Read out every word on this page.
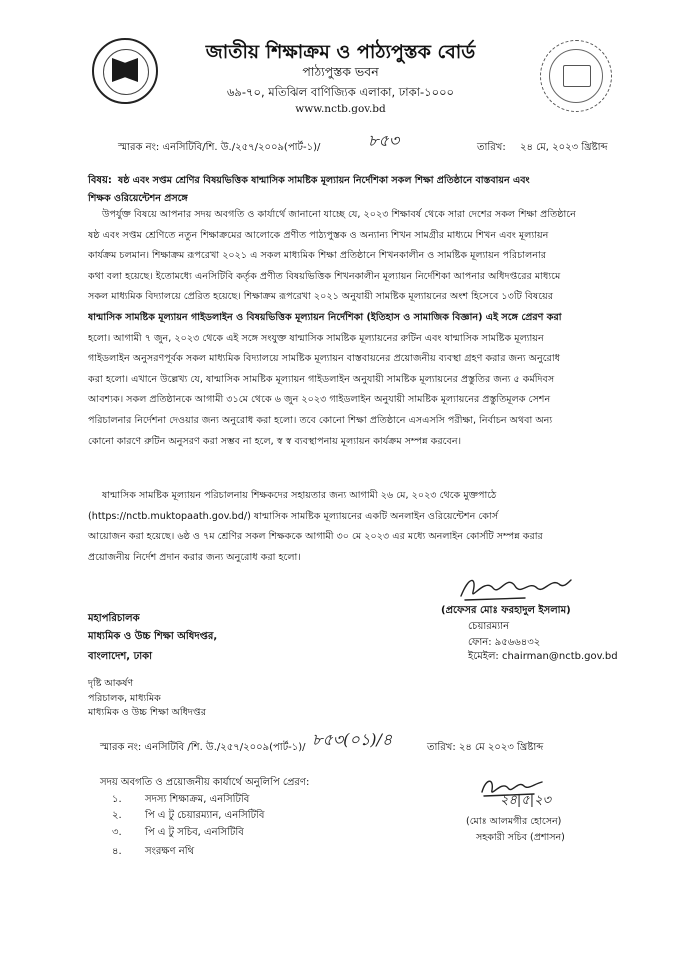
জাতীয় শিক্ষাক্রম ও পাঠ্যপুস্তক বোর্ড
পাঠ্যপুস্তক ভবন
৬৯-৭০, মতিঝিল বাণিজ্যিক এলাকা, ঢাকা-১০০০
www.nctb.gov.bd
স্মারক নং: এনসিটিবি/শি. উ./২৫৭/২০০৯(পার্ট-১)/	৮৫৩	তারিখ: ২৪ মে, ২০২৩ খ্রিষ্টাব্দ
বিষয়: ষষ্ঠ এবং সপ্তম শ্রেণির বিষয়ভিত্তিক ষান্মাসিক সামষ্টিক মূল্যায়ন নির্দেশিকা সকল শিক্ষা প্রতিষ্ঠানে বাস্তবায়ন এবং
শিক্ষক ওরিয়েন্টেশন প্রসঙ্গে
উপর্যুক্ত বিষয়ে আপনার সদয় অবগতি ও কার্যার্থে জানানো যাচ্ছে যে, ২০২৩ শিক্ষাবর্ষ থেকে সারা দেশের সকল শিক্ষা প্রতিষ্ঠানে
ষষ্ঠ এবং সপ্তম শ্রেণিতে নতুন শিক্ষাক্রমের আলোকে প্রণীত পাঠ্যপুস্তক ও অন্যান্য শিখন সামগ্রীর মাধ্যমে শিখন এবং মূল্যায়ন
কার্যক্রম চলমান। শিক্ষাক্রম রূপরেখা ২০২১ এ সকল মাধ্যমিক শিক্ষা প্রতিষ্ঠানে শিখনকালীন ও সামষ্টিক মূল্যায়ন পরিচালনার
কথা বলা হয়েছে। ইতোমধ্যে এনসিটিবি কর্তৃক প্রণীত বিষয়ভিত্তিক শিখনকালীন মূল্যায়ন নির্দেশিকা আপনার অধিদপ্তরের মাধ্যমে
সকল মাধ্যমিক বিদ্যালয়ে প্রেরিত হয়েছে। শিক্ষাক্রম রূপরেখা ২০২১ অনুযায়ী সামষ্টিক মূল্যায়নের অংশ হিসেবে ১৩টি বিষয়ের
ষান্মাসিক সামষ্টিক মূল্যায়ন গাইডলাইন ও বিষয়ভিত্তিক মূল্যায়ন নির্দেশিকা (ইতিহাস ও সামাজিক বিজ্ঞান) এই সঙ্গে প্রেরণ করা
হলো। আগামী ৭ জুন, ২০২৩ থেকে এই সঙ্গে সংযুক্ত ষান্মাসিক সামষ্টিক মূল্যায়নের রুটিন এবং ষান্মাসিক সামষ্টিক মূল্যায়ন
গাইডলাইন অনুসরণপূর্বক সকল মাধ্যমিক বিদ্যালয়ে সামষ্টিক মূল্যায়ন বাস্তবায়নের প্রয়োজনীয় ব্যবস্থা গ্রহণ করার জন্য অনুরোধ
করা হলো। এখানে উল্লেখ্য যে, ষান্মাসিক সামষ্টিক মূল্যায়ন গাইডলাইন অনুযায়ী সামষ্টিক মূল্যায়নের প্রস্তুতির জন্য ৫ কর্মদিবস
আবশ্যক। সকল প্রতিষ্ঠানকে আগামী ৩১মে থেকে ৬ জুন ২০২৩ গাইডলাইন অনুযায়ী সামষ্টিক মূল্যায়নের প্রস্তুতিমূলক সেশন
পরিচালনার নির্দেশনা দেওয়ার জন্য অনুরোধ করা হলো। তবে কোনো শিক্ষা প্রতিষ্ঠানে এসএসসি পরীক্ষা, নির্বাচন অথবা অন্য
কোনো কারণে রুটিন অনুসরণ করা সম্ভব না হলে, স্ব স্ব ব্যবস্থাপনায় মূল্যায়ন কার্যক্রম সম্পন্ন করবেন।
ষান্মাসিক সামষ্টিক মূল্যায়ন পরিচালনায় শিক্ষকদের সহায়তার জন্য আগামী ২৬ মে, ২০২৩ থেকে মুক্তপাঠে
(https://nctb.muktopaath.gov.bd/) ষান্মাসিক সামষ্টিক মূল্যায়নের একটি অনলাইন ওরিয়েন্টেশন কোর্স
আয়োজন করা হয়েছে। ৬ষ্ঠ ও ৭ম শ্রেণির সকল শিক্ষককে আগামী ৩০ মে ২০২৩ এর মধ্যে অনলাইন কোর্সটি সম্পন্ন করার
প্রয়োজনীয় নির্দেশ প্রদান করার জন্য অনুরোধ করা হলো।
(প্রফেসর মোঃ ফরহাদুল ইসলাম)
চেয়ারম্যান
ফোন: ৯৫৬৬৪৩২
ইমেইল: chairman@nctb.gov.bd
মহাপরিচালক
মাধ্যমিক ও উচ্চ শিক্ষা অধিদপ্তর,
বাংলাদেশ, ঢাকা
দৃষ্টি আকর্ষণ
পরিচালক, মাধ্যমিক
মাধ্যমিক ও উচ্চ শিক্ষা অধিদপ্তর
স্মারক নং: এনসিটিবি /শি. উ./২৫৭/২০০৯(পার্ট-১)/ ৮৫৩(০১)/৪	তারিখ: ২৪ মে ২০২৩ খ্রিষ্টাব্দ
সদয় অবগতি ও প্রয়োজনীয় কার্যার্থে অনুলিপি প্রেরণ:
১. সদস্য শিক্ষাক্রম, এনসিটিবি
২. পি এ টু চেয়ারম্যান, এনসিটিবি
৩. পি এ টু সচিব, এনসিটিবি
৪. সংরক্ষণ নথি
২৪|৫|২৩
(মোঃ আলমগীর হোসেন)
সহকারী সচিব (প্রশাসন)
